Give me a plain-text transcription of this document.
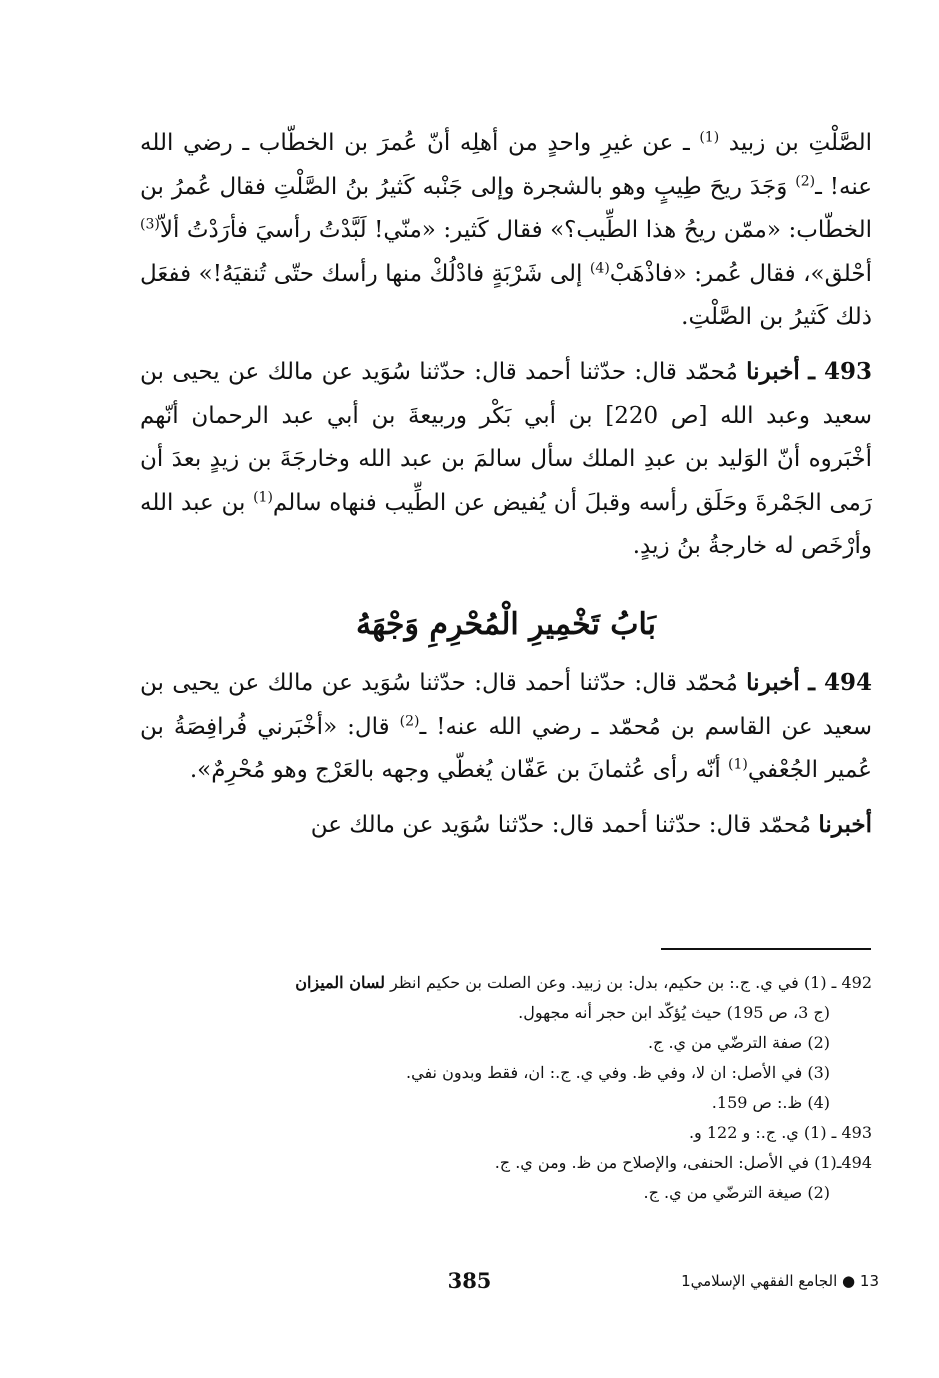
الصَّلْتِ بن زبيد $^{(1)}$ ـ عن غيرِ واحدٍ من أهلِه أنّ عُمرَ بن الخطّاب ـ رضي الله عنه! ـ$^{(2)}$ وَجَدَ ريحَ طِيبٍ وهو بالشجرة وإلى جَنْبه كَثيرُ بنُ الصَّلْتِ فقال عُمرُ بن الخطّاب: «ممّن ريحُ هذا الطِّيب؟» فقال كَثير: «منّي! لَبَّدْتُ رأسيَ فأرَدْتُ ألاّ$^{(3)}$ أحْلق»، فقال عُمر: «فاذْهَبْ$^{(4)}$ إلى شَرْبَةٍ فادْلُكْ منها رأسك حتّى تُنقيَهُ!» ففعَل ذلك كَثيرُ بن الصَّلْتِ.

493 ـ أخبرنا مُحمّد قال: حدّثنا أحمد قال: حدّثنا سُوَيد عن مالك عن يحيى بن سعيد وعبد الله [ص 220] بن أبي بَكْر وربيعةَ بن أبي عبد الرحمان أنّهم أخْبَروه أنّ الوَليد بن عبدِ الملك سأل سالمَ بن عبد الله وخارجَةَ بن زيدٍ بعدَ أن رَمى الجَمْرةَ وحَلَق رأسه وقبلَ أن يُفيض عن الطِّيب فنهاه سالم$^{(1)}$ بن عبد الله وأرْخَص له خارجةُ بنُ زيدٍ.

بَابُ تَخْمِيرِ الْمُحْرِمِ وَجْهَهُ

494 ـ أخبرنا مُحمّد قال: حدّثنا أحمد قال: حدّثنا سُوَيد عن مالك عن يحيى بن سعيد عن القاسم بن مُحمّد ـ رضي الله عنه! ـ$^{(2)}$ قال: «أخْبَرني فُرافِصَةُ بن عُمير الجُعْفي$^{(1)}$ أنّه رأى عُثمانَ بن عَفّان يُغطّي وجهه بالعَرْج وهو مُحْرِمٌ».

أخبرنا مُحمّد قال: حدّثنا أحمد قال: حدّثنا سُوَيد عن مالك عن

492 ـ (1) في ي. ج.: بن حكيم، بدل: بن زبيد. وعن الصلت بن حكيم انظر لسان الميزان
(ج 3، ص 195) حيث يُؤكّد ابن حجر أنه مجهول.

(2) صفة الترضّي من ي. ج.

(3) في الأصل: ان لا، وفي ظ. وفي ي. ج.: ان، فقط وبدون نفي.

(4) ظ.: ص 159.

493 ـ (1) ي. ج.: و 122 و.

494ـ(1) في الأصل: الحنفى، والإصلاح من ظ. ومن ي. ج.

(2) صيغة الترضّي من ي. ج.

385	13 ● الجامع الفقهي الإسلامي1
